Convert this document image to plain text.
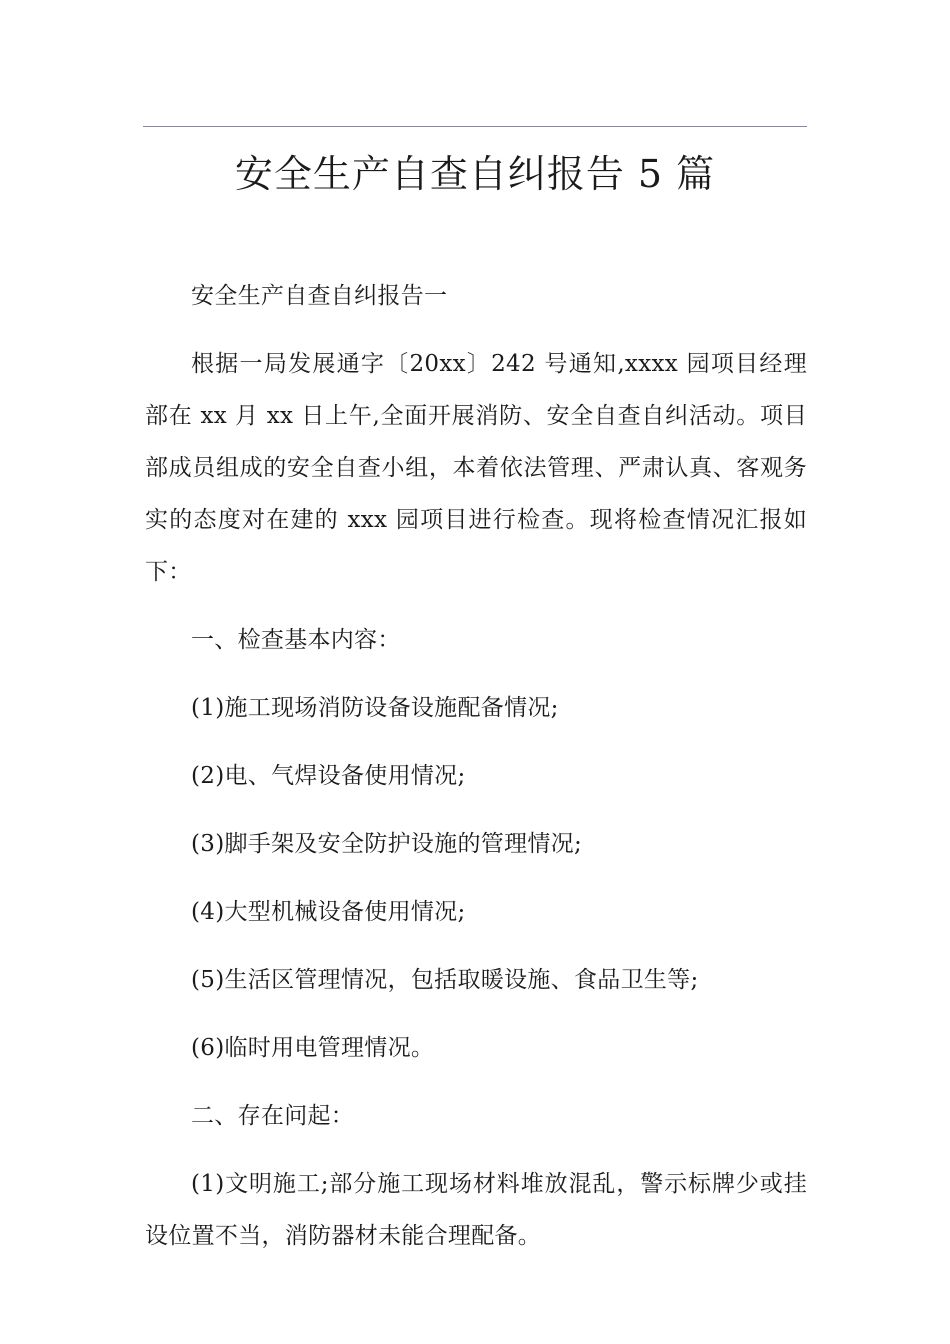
安全生产自查自纠报告 5 篇

安全生产自查自纠报告一

根据一局发展通字〔20xx〕242 号通知,xxxx 园项目经理部在 xx 月 xx 日上午,全面开展消防、安全自查自纠活动。项目部成员组成的安全自查小组，本着依法管理、严肃认真、客观务实的态度对在建的 xxx 园项目进行检查。现将检查情况汇报如下：

一、检查基本内容：

(1)施工现场消防设备设施配备情况;

(2)电、气焊设备使用情况;

(3)脚手架及安全防护设施的管理情况;

(4)大型机械设备使用情况;

(5)生活区管理情况，包括取暖设施、食品卫生等;

(6)临时用电管理情况。

二、存在问起：

(1)文明施工;部分施工现场材料堆放混乱，警示标牌少或挂设位置不当，消防器材未能合理配备。
